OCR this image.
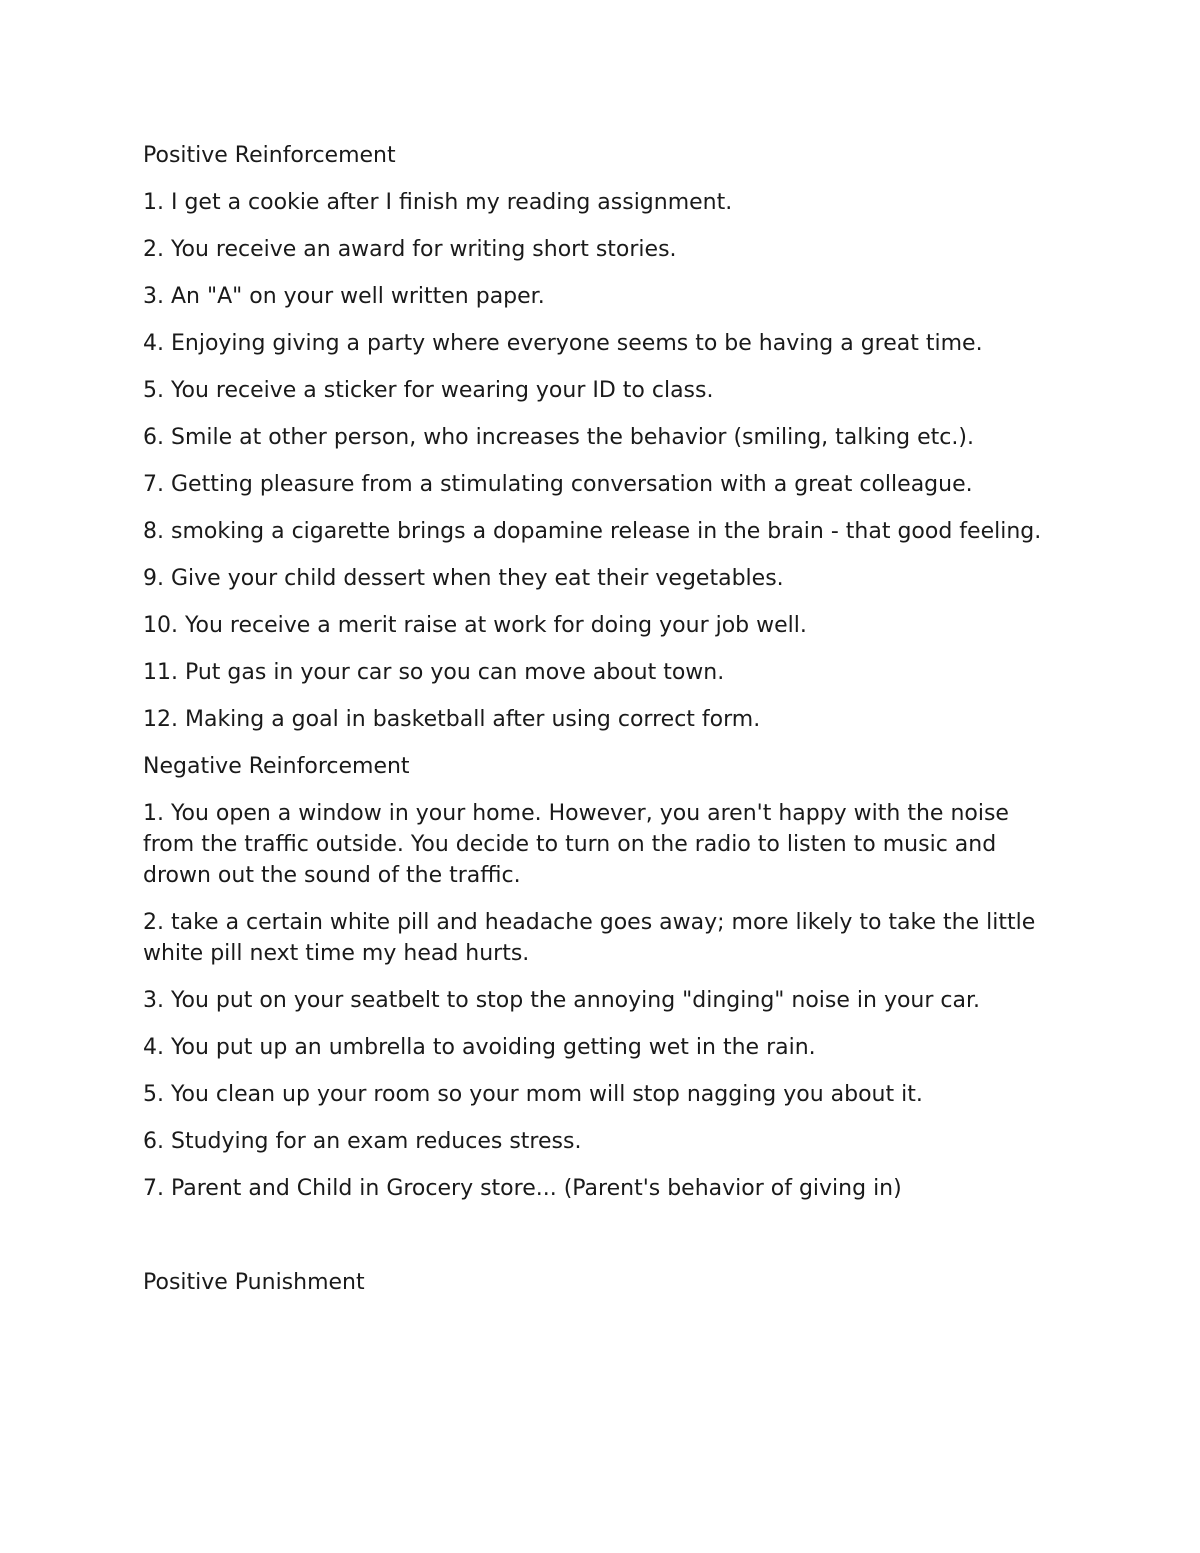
Positive Reinforcement

1. I get a cookie after I finish my reading assignment.

2. You receive an award for writing short stories.

3. An "A" on your well written paper.

4. Enjoying giving a party where everyone seems to be having a great time.

5. You receive a sticker for wearing your ID to class.

6. Smile at other person, who increases the behavior (smiling, talking etc.).

7. Getting pleasure from a stimulating conversation with a great colleague.

8. smoking a cigarette brings a dopamine release in the brain - that good feeling.

9. Give your child dessert when they eat their vegetables.

10. You receive a merit raise at work for doing your job well.

11. Put gas in your car so you can move about town.

12. Making a goal in basketball after using correct form.

Negative Reinforcement

1. You open a window in your home. However, you aren't happy with the noise from the traffic outside. You decide to turn on the radio to listen to music and drown out the sound of the traffic.

2. take a certain white pill and headache goes away; more likely to take the little white pill next time my head hurts.

3. You put on your seatbelt to stop the annoying "dinging" noise in your car.

4. You put up an umbrella to avoiding getting wet in the rain.

5. You clean up your room so your mom will stop nagging you about it.

6. Studying for an exam reduces stress.

7. Parent and Child in Grocery store... (Parent's behavior of giving in)

Positive Punishment
